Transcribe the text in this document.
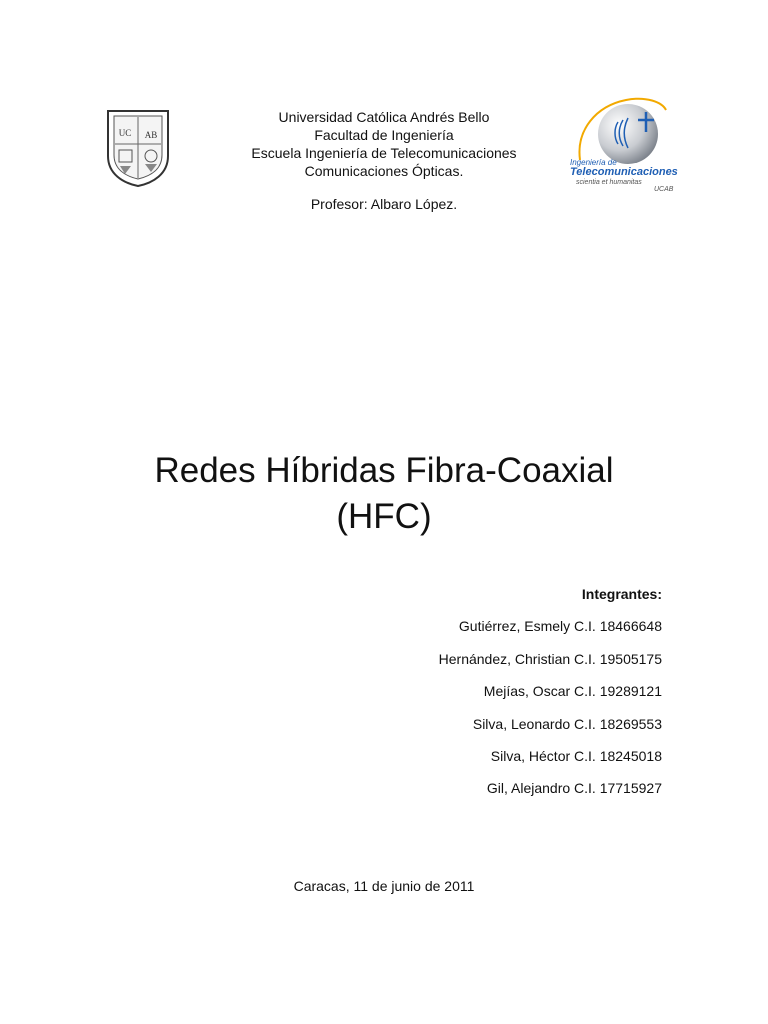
UC AB
Universidad Católica Andrés Bello
Facultad de Ingeniería
Escuela Ingeniería de Telecomunicaciones
Comunicaciones Ópticas.
Profesor: Albaro López.
Ingeniería de
Telecomunicaciones
scientia et humanitas
UCAB
Redes Híbridas Fibra-Coaxial
(HFC)
Integrantes:
Gutiérrez, Esmely C.I. 18466648
Hernández, Christian C.I. 19505175
Mejías, Oscar C.I. 19289121
Silva, Leonardo C.I. 18269553
Silva, Héctor C.I. 18245018
Gil, Alejandro C.I. 17715927
Caracas, 11 de junio de 2011
